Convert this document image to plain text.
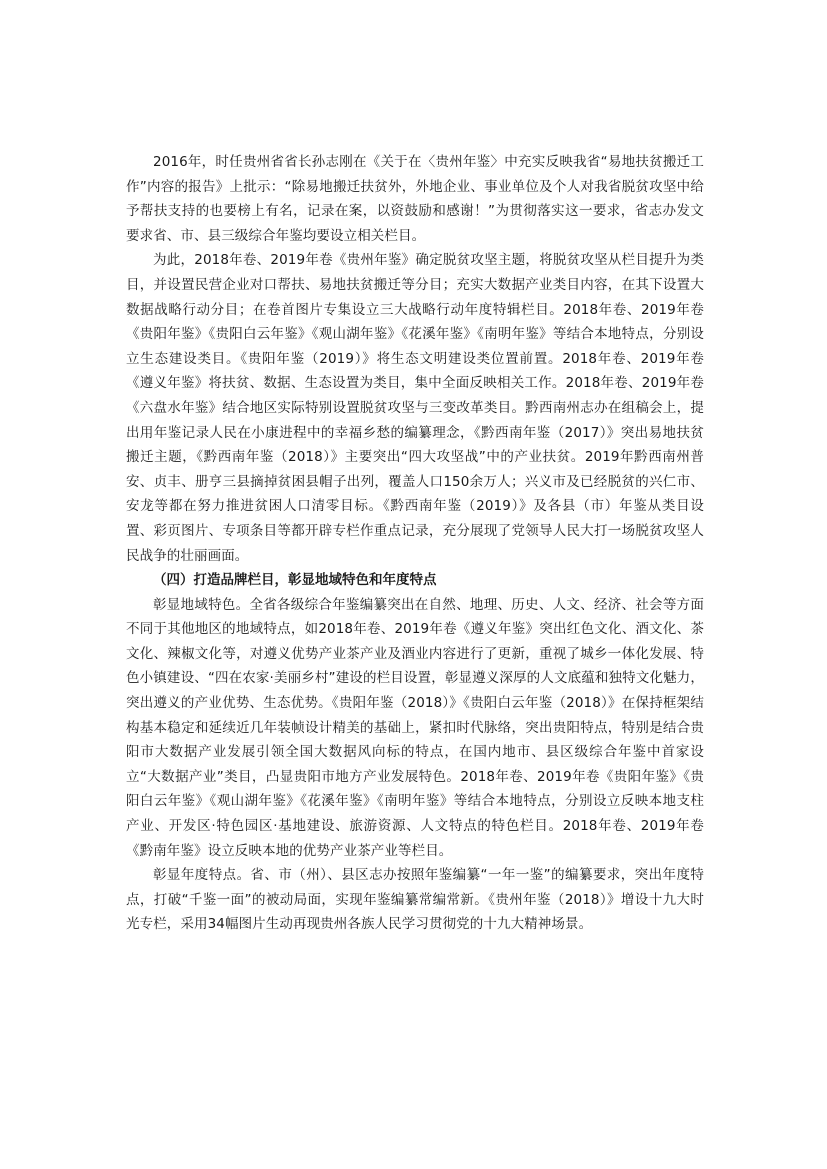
2016年，时任贵州省省长孙志刚在《关于在〈贵州年鉴〉中充实反映我省“易地扶贫搬迁工作”内容的报告》上批示：“除易地搬迁扶贫外，外地企业、事业单位及个人对我省脱贫攻坚中给予帮扶支持的也要榜上有名，记录在案，以资鼓励和感谢！”为贯彻落实这一要求，省志办发文要求省、市、县三级综合年鉴均要设立相关栏目。

为此，2018年卷、2019年卷《贵州年鉴》确定脱贫攻坚主题，将脱贫攻坚从栏目提升为类目，并设置民营企业对口帮扶、易地扶贫搬迁等分目；充实大数据产业类目内容，在其下设置大数据战略行动分目；在卷首图片专集设立三大战略行动年度特辑栏目。2018年卷、2019年卷《贵阳年鉴》《贵阳白云年鉴》《观山湖年鉴》《花溪年鉴》《南明年鉴》等结合本地特点，分别设立生态建设类目。《贵阳年鉴（2019）》将生态文明建设类位置前置。2018年卷、2019年卷《遵义年鉴》将扶贫、数据、生态设置为类目，集中全面反映相关工作。2018年卷、2019年卷《六盘水年鉴》结合地区实际特别设置脱贫攻坚与三变改革类目。黔西南州志办在组稿会上，提出用年鉴记录人民在小康进程中的幸福乡愁的编纂理念，《黔西南年鉴（2017）》突出易地扶贫搬迁主题，《黔西南年鉴（2018）》主要突出“四大攻坚战”中的产业扶贫。2019年黔西南州普安、贞丰、册亨三县摘掉贫困县帽子出列，覆盖人口150余万人；兴义市及已经脱贫的兴仁市、安龙等都在努力推进贫困人口清零目标。《黔西南年鉴（2019）》及各县（市）年鉴从类目设置、彩页图片、专项条目等都开辟专栏作重点记录，充分展现了党领导人民大打一场脱贫攻坚人民战争的壮丽画面。

（四）打造品牌栏目，彰显地域特色和年度特点

彰显地域特色。全省各级综合年鉴编纂突出在自然、地理、历史、人文、经济、社会等方面不同于其他地区的地域特点，如2018年卷、2019年卷《遵义年鉴》突出红色文化、酒文化、茶文化、辣椒文化等，对遵义优势产业茶产业及酒业内容进行了更新，重视了城乡一体化发展、特色小镇建设、“四在农家·美丽乡村”建设的栏目设置，彰显遵义深厚的人文底蕴和独特文化魅力，突出遵义的产业优势、生态优势。《贵阳年鉴（2018）》《贵阳白云年鉴（2018）》在保持框架结构基本稳定和延续近几年装帧设计精美的基础上，紧扣时代脉络，突出贵阳特点，特别是结合贵阳市大数据产业发展引领全国大数据风向标的特点，在国内地市、县区级综合年鉴中首家设立“大数据产业”类目，凸显贵阳市地方产业发展特色。2018年卷、2019年卷《贵阳年鉴》《贵阳白云年鉴》《观山湖年鉴》《花溪年鉴》《南明年鉴》等结合本地特点，分别设立反映本地支柱产业、开发区·特色园区·基地建设、旅游资源、人文特点的特色栏目。2018年卷、2019年卷《黔南年鉴》设立反映本地的优势产业茶产业等栏目。

彰显年度特点。省、市（州）、县区志办按照年鉴编纂“一年一鉴”的编纂要求，突出年度特点，打破“千鉴一面”的被动局面，实现年鉴编纂常编常新。《贵州年鉴（2018）》增设十九大时光专栏，采用34幅图片生动再现贵州各族人民学习贯彻党的十九大精神场景。
